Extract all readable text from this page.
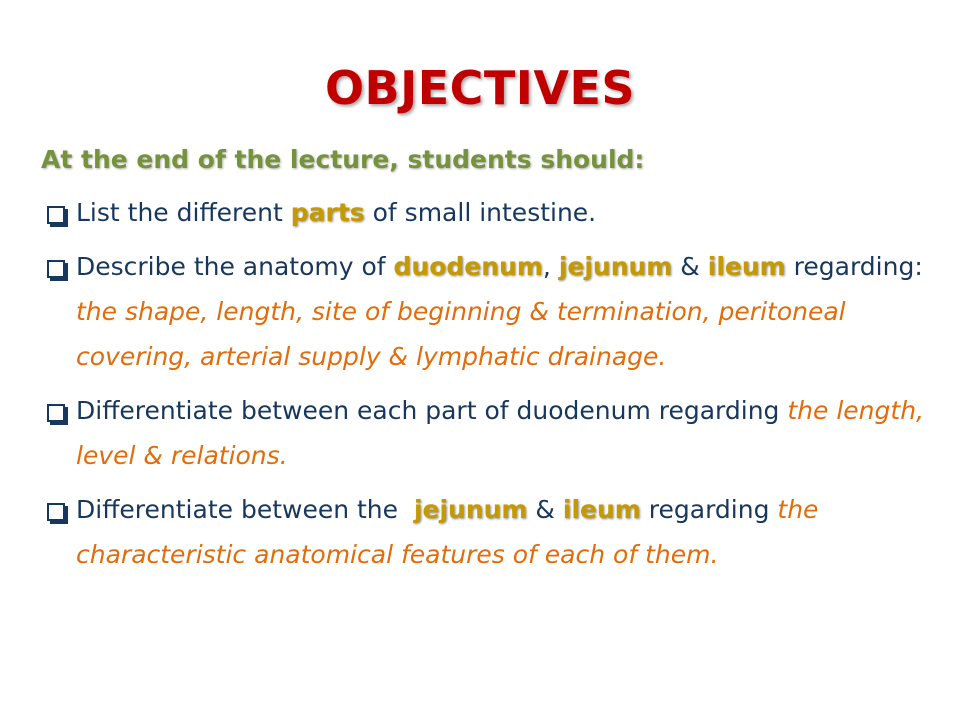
OBJECTIVES
At the end of the lecture, students should:
List the different parts of small intestine.
Describe the anatomy of duodenum, jejunum & ileum regarding: the shape, length, site of beginning & termination, peritoneal covering, arterial supply & lymphatic drainage.
Differentiate between each part of duodenum regarding the length, level & relations.
Differentiate between the  jejunum & ileum regarding the characteristic anatomical features of each of them.
